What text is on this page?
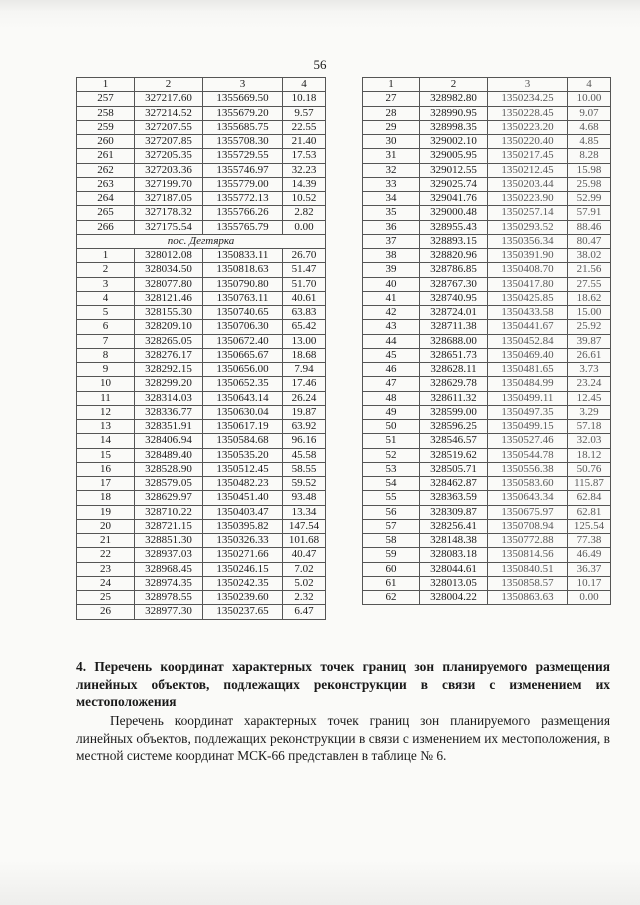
56
1	2	3	4
257	327217.60	1355669.50	10.18
258	327214.52	1355679.20	9.57
259	327207.55	1355685.75	22.55
260	327207.85	1355708.30	21.40
261	327205.35	1355729.55	17.53
262	327203.36	1355746.97	32.23
263	327199.70	1355779.00	14.39
264	327187.05	1355772.13	10.52
265	327178.32	1355766.26	2.82
266	327175.54	1355765.79	0.00
пос. Дегтярка			
1	328012.08	1350833.11	26.70
2	328034.50	1350818.63	51.47
3	328077.80	1350790.80	51.70
4	328121.46	1350763.11	40.61
5	328155.30	1350740.65	63.83
6	328209.10	1350706.30	65.42
7	328265.05	1350672.40	13.00
8	328276.17	1350665.67	18.68
9	328292.15	1350656.00	7.94
10	328299.20	1350652.35	17.46
11	328314.03	1350643.14	26.24
12	328336.77	1350630.04	19.87
13	328351.91	1350617.19	63.92
14	328406.94	1350584.68	96.16
15	328489.40	1350535.20	45.58
16	328528.90	1350512.45	58.55
17	328579.05	1350482.23	59.52
18	328629.97	1350451.40	93.48
19	328710.22	1350403.47	13.34
20	328721.15	1350395.82	147.54
21	328851.30	1350326.33	101.68
22	328937.03	1350271.66	40.47
23	328968.45	1350246.15	7.02
24	328974.35	1350242.35	5.02
25	328978.55	1350239.60	2.32
26	328977.30	1350237.65	6.47
1	2	3	4
27	328982.80	1350234.25	10.00
28	328990.95	1350228.45	9.07
29	328998.35	1350223.20	4.68
30	329002.10	1350220.40	4.85
31	329005.95	1350217.45	8.28
32	329012.55	1350212.45	15.98
33	329025.74	1350203.44	25.98
34	329041.76	1350223.90	52.99
35	329000.48	1350257.14	57.91
36	328955.43	1350293.52	88.46
37	328893.15	1350356.34	80.47
38	328820.96	1350391.90	38.02
39	328786.85	1350408.70	21.56
40	328767.30	1350417.80	27.55
41	328740.95	1350425.85	18.62
42	328724.01	1350433.58	15.00
43	328711.38	1350441.67	25.92
44	328688.00	1350452.84	39.87
45	328651.73	1350469.40	26.61
46	328628.11	1350481.65	3.73
47	328629.78	1350484.99	23.24
48	328611.32	1350499.11	12.45
49	328599.00	1350497.35	3.29
50	328596.25	1350499.15	57.18
51	328546.57	1350527.46	32.03
52	328519.62	1350544.78	18.12
53	328505.71	1350556.38	50.76
54	328462.87	1350583.60	115.87
55	328363.59	1350643.34	62.84
56	328309.87	1350675.97	62.81
57	328256.41	1350708.94	125.54
58	328148.38	1350772.88	77.38
59	328083.18	1350814.56	46.49
60	328044.61	1350840.51	36.37
61	328013.05	1350858.57	10.17
62	328004.22	1350863.63	0.00
4. Перечень координат характерных точек границ зон планируемого размещения линейных объектов, подлежащих реконструкции в связи с изменением их местоположения
Перечень координат характерных точек границ зон планируемого размещения линейных объектов, подлежащих реконструкции в связи с изменением их местоположения, в местной системе координат МСК-66 представлен в таблице № 6.
